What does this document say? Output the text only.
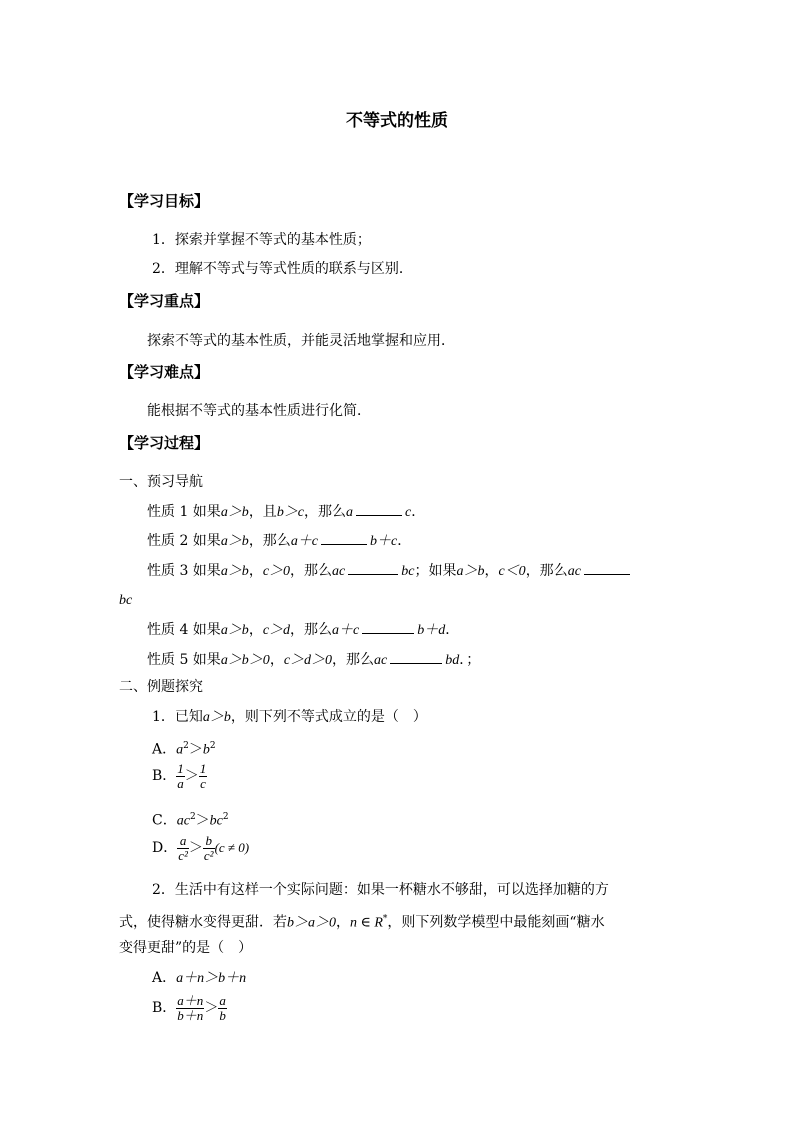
不等式的性质
【学习目标】
1．探索并掌握不等式的基本性质；
2．理解不等式与等式性质的联系与区别．
【学习重点】
探索不等式的基本性质，并能灵活地掌握和应用．
【学习难点】
能根据不等式的基本性质进行化简．
【学习过程】
一、预习导航
性质 1 如果a＞b，且b＞c，那么a	c．
性质 2 如果a＞b，那么a＋c	b＋c．
性质 3 如果a＞b，c＞0，那么ac	bc；如果a＞b，c＜0，那么ac
bc
性质 4 如果a＞b，c＞d，那么a＋c	b＋d．
性质 5 如果a＞b＞0，c＞d＞0，那么ac	bd．；
二、例题探究
1．已知a＞b，则下列不等式成立的是（　）
A．$a^2>b^2$
B． $\frac{1}{a} > \frac{1}{c}$
C．$ac^2>bc^2$
D． $\frac{a}{\text{c²}} > \frac{b}{\text{c²}} (c \ne 0)$
2．生活中有这样一个实际问题：如果一杯糖水不够甜，可以选择加糖的方
式，使得糖水变得更甜．若b＞a＞0，n ∈ R*，则下列数学模型中最能刻画“糖水
变得更甜”的是（　）
A．a＋n＞b＋n
B． $\frac{a+n}{b+n} > \frac{a}{b}$
